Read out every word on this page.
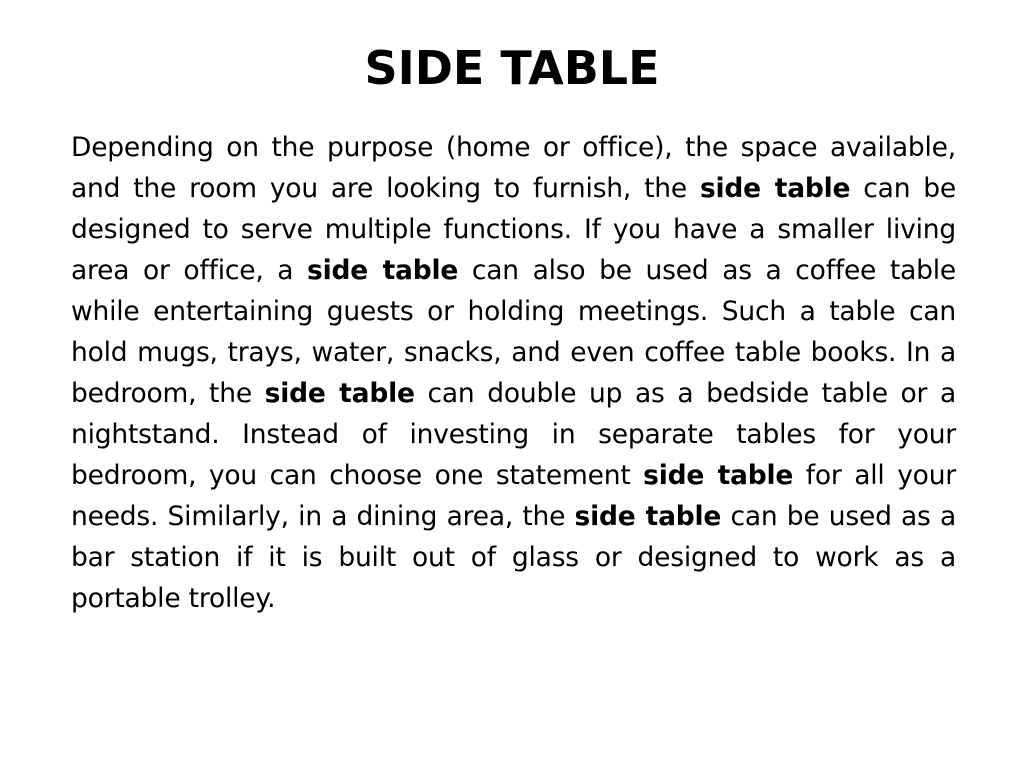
SIDE TABLE

Depending on the purpose (home or office), the space available, and the room you are looking to furnish, the side table can be designed to serve multiple functions. If you have a smaller living area or office, a side table can also be used as a coffee table while entertaining guests or holding meetings. Such a table can hold mugs, trays, water, snacks, and even coffee table books. In a bedroom, the side table can double up as a bedside table or a nightstand. Instead of investing in separate tables for your bedroom, you can choose one statement side table for all your needs. Similarly, in a dining area, the side table can be used as a bar station if it is built out of glass or designed to work as a portable trolley.
